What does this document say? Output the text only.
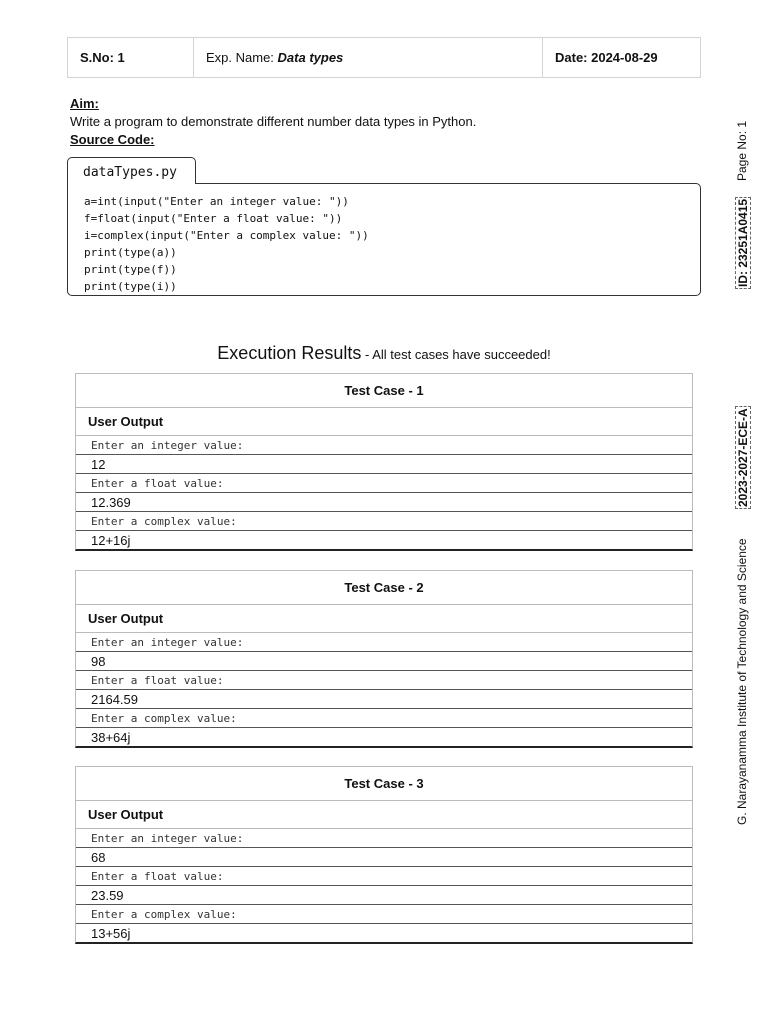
S.No: 1	Exp. Name: Data types	Date: 2024-08-29
Aim:
Write a program to demonstrate different number data types in Python.
Source Code:
dataTypes.py
a=int(input("Enter an integer value: "))
f=float(input("Enter a float value: "))
i=complex(input("Enter a complex value: "))
print(type(a))
print(type(f))
print(type(i))
Execution Results - All test cases have succeeded!
Test Case - 1
User Output
Enter an integer value:
12
Enter a float value:
12.369
Enter a complex value:
12+16j
Test Case - 2
User Output
Enter an integer value:
98
Enter a float value:
2164.59
Enter a complex value:
38+64j
Test Case - 3
User Output
Enter an integer value:
68
Enter a float value:
23.59
Enter a complex value:
13+56j
G. Narayanamma Institute of Technology and Science
2023-2027-ECE-A
ID: 23251A0415
Page No: 1
